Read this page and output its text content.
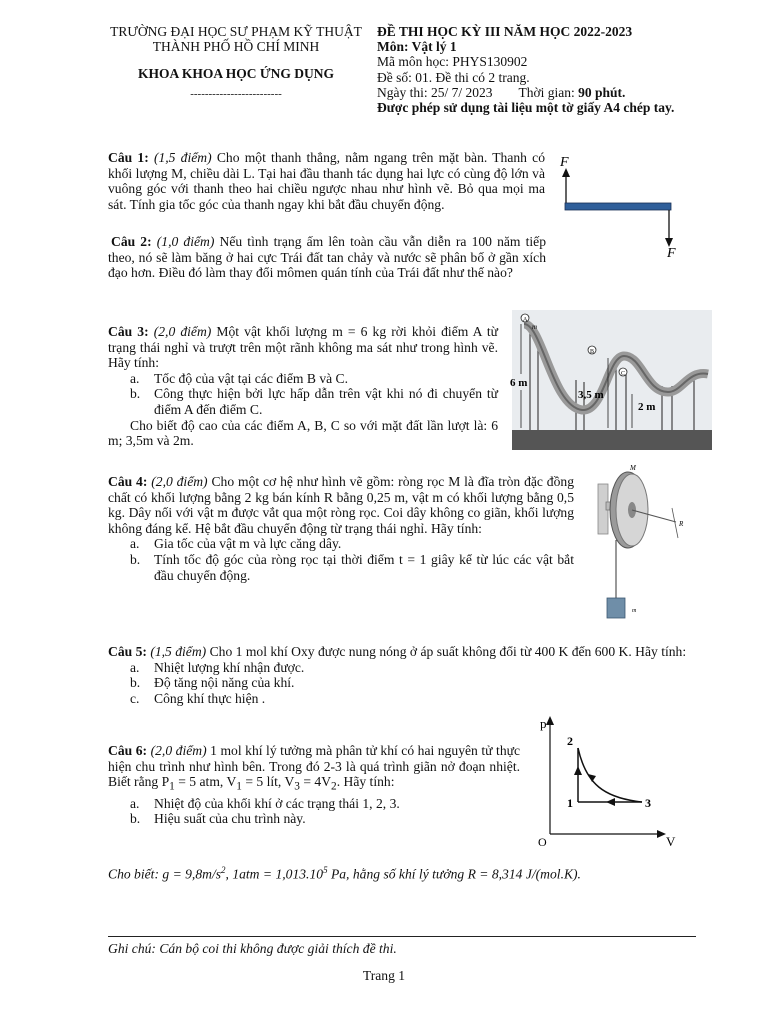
TRƯỜNG ĐẠI HỌC SƯ PHẠM KỸ THUẬT
THÀNH PHỐ HỒ CHÍ MINH
KHOA KHOA HỌC ỨNG DỤNG
-------------------------
ĐỀ THI HỌC KỲ III NĂM HỌC 2022-2023
Môn: Vật lý 1
Mã môn học: PHYS130902
Đề số: 01. Đề thi có 2 trang.
Ngày thi: 25/ 7/ 2023 Thời gian: 90 phút.
Được phép sử dụng tài liệu một tờ giấy A4 chép tay.
Câu 1: (1,5 điểm) Cho một thanh thẳng, nằm ngang trên mặt bàn. Thanh có khối lượng M, chiều dài L. Tại hai đầu thanh tác dụng hai lực có cùng độ lớn và vuông góc với thanh theo hai chiều ngược nhau như hình vẽ. Bỏ qua mọi ma sát. Tính gia tốc góc của thanh ngay khi bắt đầu chuyển động.
F
F
Câu 2: (1,0 điểm) Nếu tình trạng ấm lên toàn cầu vẫn diễn ra 100 năm tiếp theo, nó sẽ làm băng ở hai cực Trái đất tan chảy và nước sẽ phân bố ở gần xích đạo hơn. Điều đó làm thay đổi mômen quán tính của Trái đất như thế nào?
Câu 3: (2,0 điểm) Một vật khối lượng m = 6 kg rời khỏi điểm A từ trạng thái nghỉ và trượt trên một rãnh không ma sát như trong hình vẽ. Hãy tính:
a. Tốc độ của vật tại các điểm B và C.
b. Công thực hiện bởi lực hấp dẫn trên vật khi nó đi chuyển từ điểm A đến điểm C.
Cho biết độ cao của các điểm A, B, C so với mặt đất lần lượt là: 6 m; 3,5m và 2m.
A
m
B
C
6 m
3,5 m
2 m
Câu 4: (2,0 điểm) Cho một cơ hệ như hình vẽ gồm: ròng rọc M là đĩa tròn đặc đồng chất có khối lượng bằng 2 kg bán kính R bằng 0,25 m, vật m có khối lượng bằng 0,5 kg. Dây nối với vật m được vắt qua một ròng rọc. Coi dây không co giãn, khối lượng không đáng kể. Hệ bắt đầu chuyển động từ trạng thái nghỉ. Hãy tính:
a. Gia tốc của vật m và lực căng dây.
b. Tính tốc độ góc của ròng rọc tại thời điểm t = 1 giây kể từ lúc các vật bắt đầu chuyển động.
R
M
m
Câu 5: (1,5 điểm) Cho 1 mol khí Oxy được nung nóng ở áp suất không đổi từ 400 K đến 600 K. Hãy tính:
a. Nhiệt lượng khí nhận được.
b. Độ tăng nội năng của khí.
c. Công khí thực hiện .
Câu 6: (2,0 điểm) 1 mol khí lý tưởng mà phân tử khí có hai nguyên tử thực hiện chu trình như hình bên. Trong đó 2-3 là quá trình giãn nở đoạn nhiệt. Biết rằng $P_1 = 5$ atm, $V_1 = 5$ lít, $V_3 = 4V_2$. Hãy tính:
a. Nhiệt độ của khối khí ở các trạng thái 1, 2, 3.
b. Hiệu suất của chu trình này.
p
V
O
1
2
3
Cho biết: $g = 9,8m/s^2$, $1atm = 1,013.10^5$ Pa, hằng số khí lý tưởng R = 8,314 J/(mol.K).
Ghi chú: Cán bộ coi thi không được giải thích đề thi.
Trang 1
